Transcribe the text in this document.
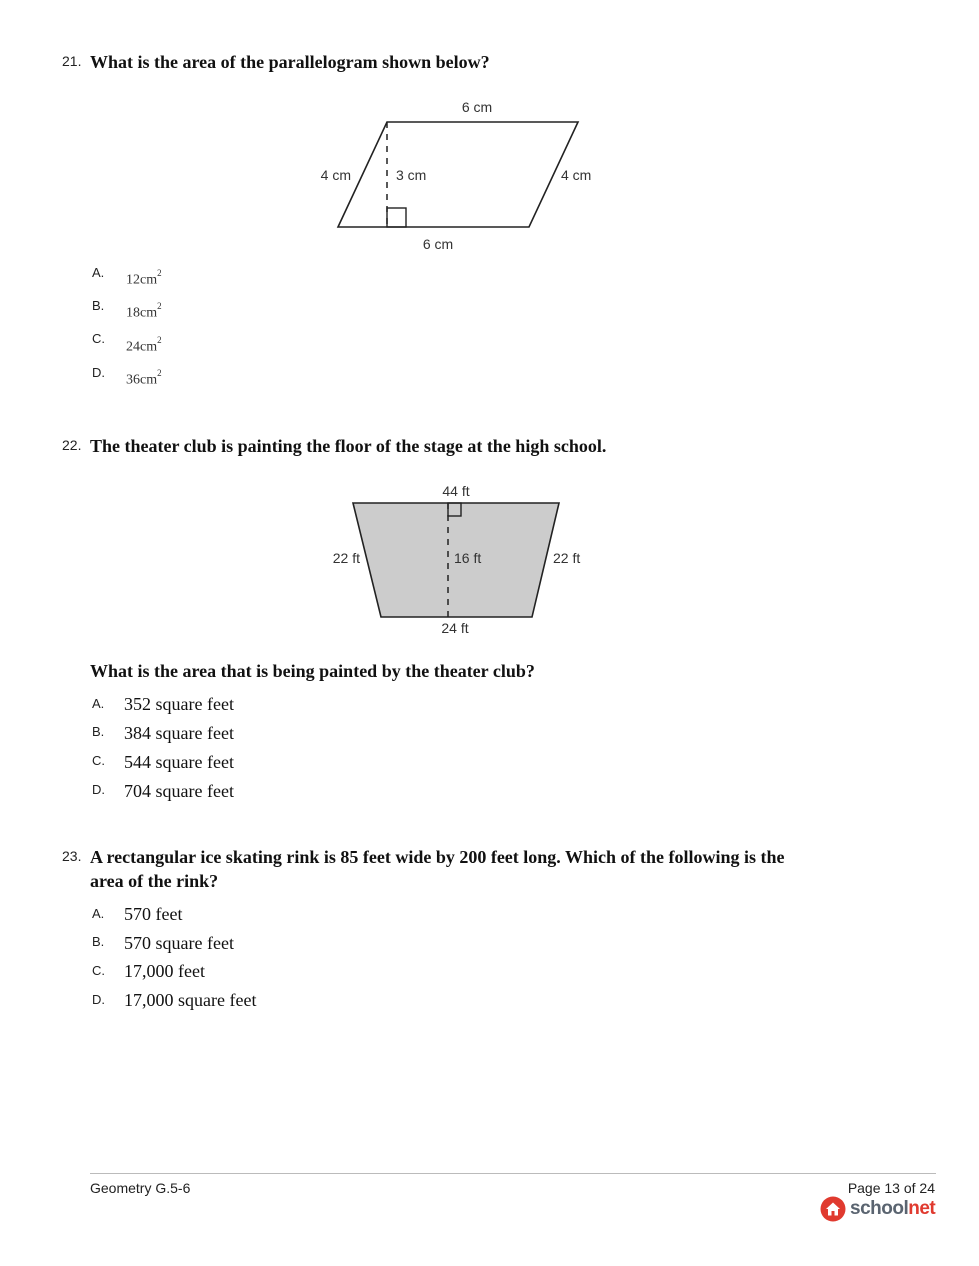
21. What is the area of the parallelogram shown below?
6 cm
6 cm
4 cm	4 cm
3 cm
A.
$12cm^2$
B.
$18cm^2$
C.
$24cm^2$
D.
$36cm^2$
22. The theater club is painting the floor of the stage at the high school.
44 ft
24 ft
22 ft	22 ft
16 ft
What is the area that is being painted by the theater club?
A. 352 square feet
B. 384 square feet
C. 544 square feet
D. 704 square feet
23. A rectangular ice skating rink is 85 feet wide by 200 feet long. Which of the following is the
area of the rink?
A. 570 feet
B. 570 square feet
C. 17,000 feet
D. 17,000 square feet
Geometry G.5-6	Page 13 of 24
schoolnet
